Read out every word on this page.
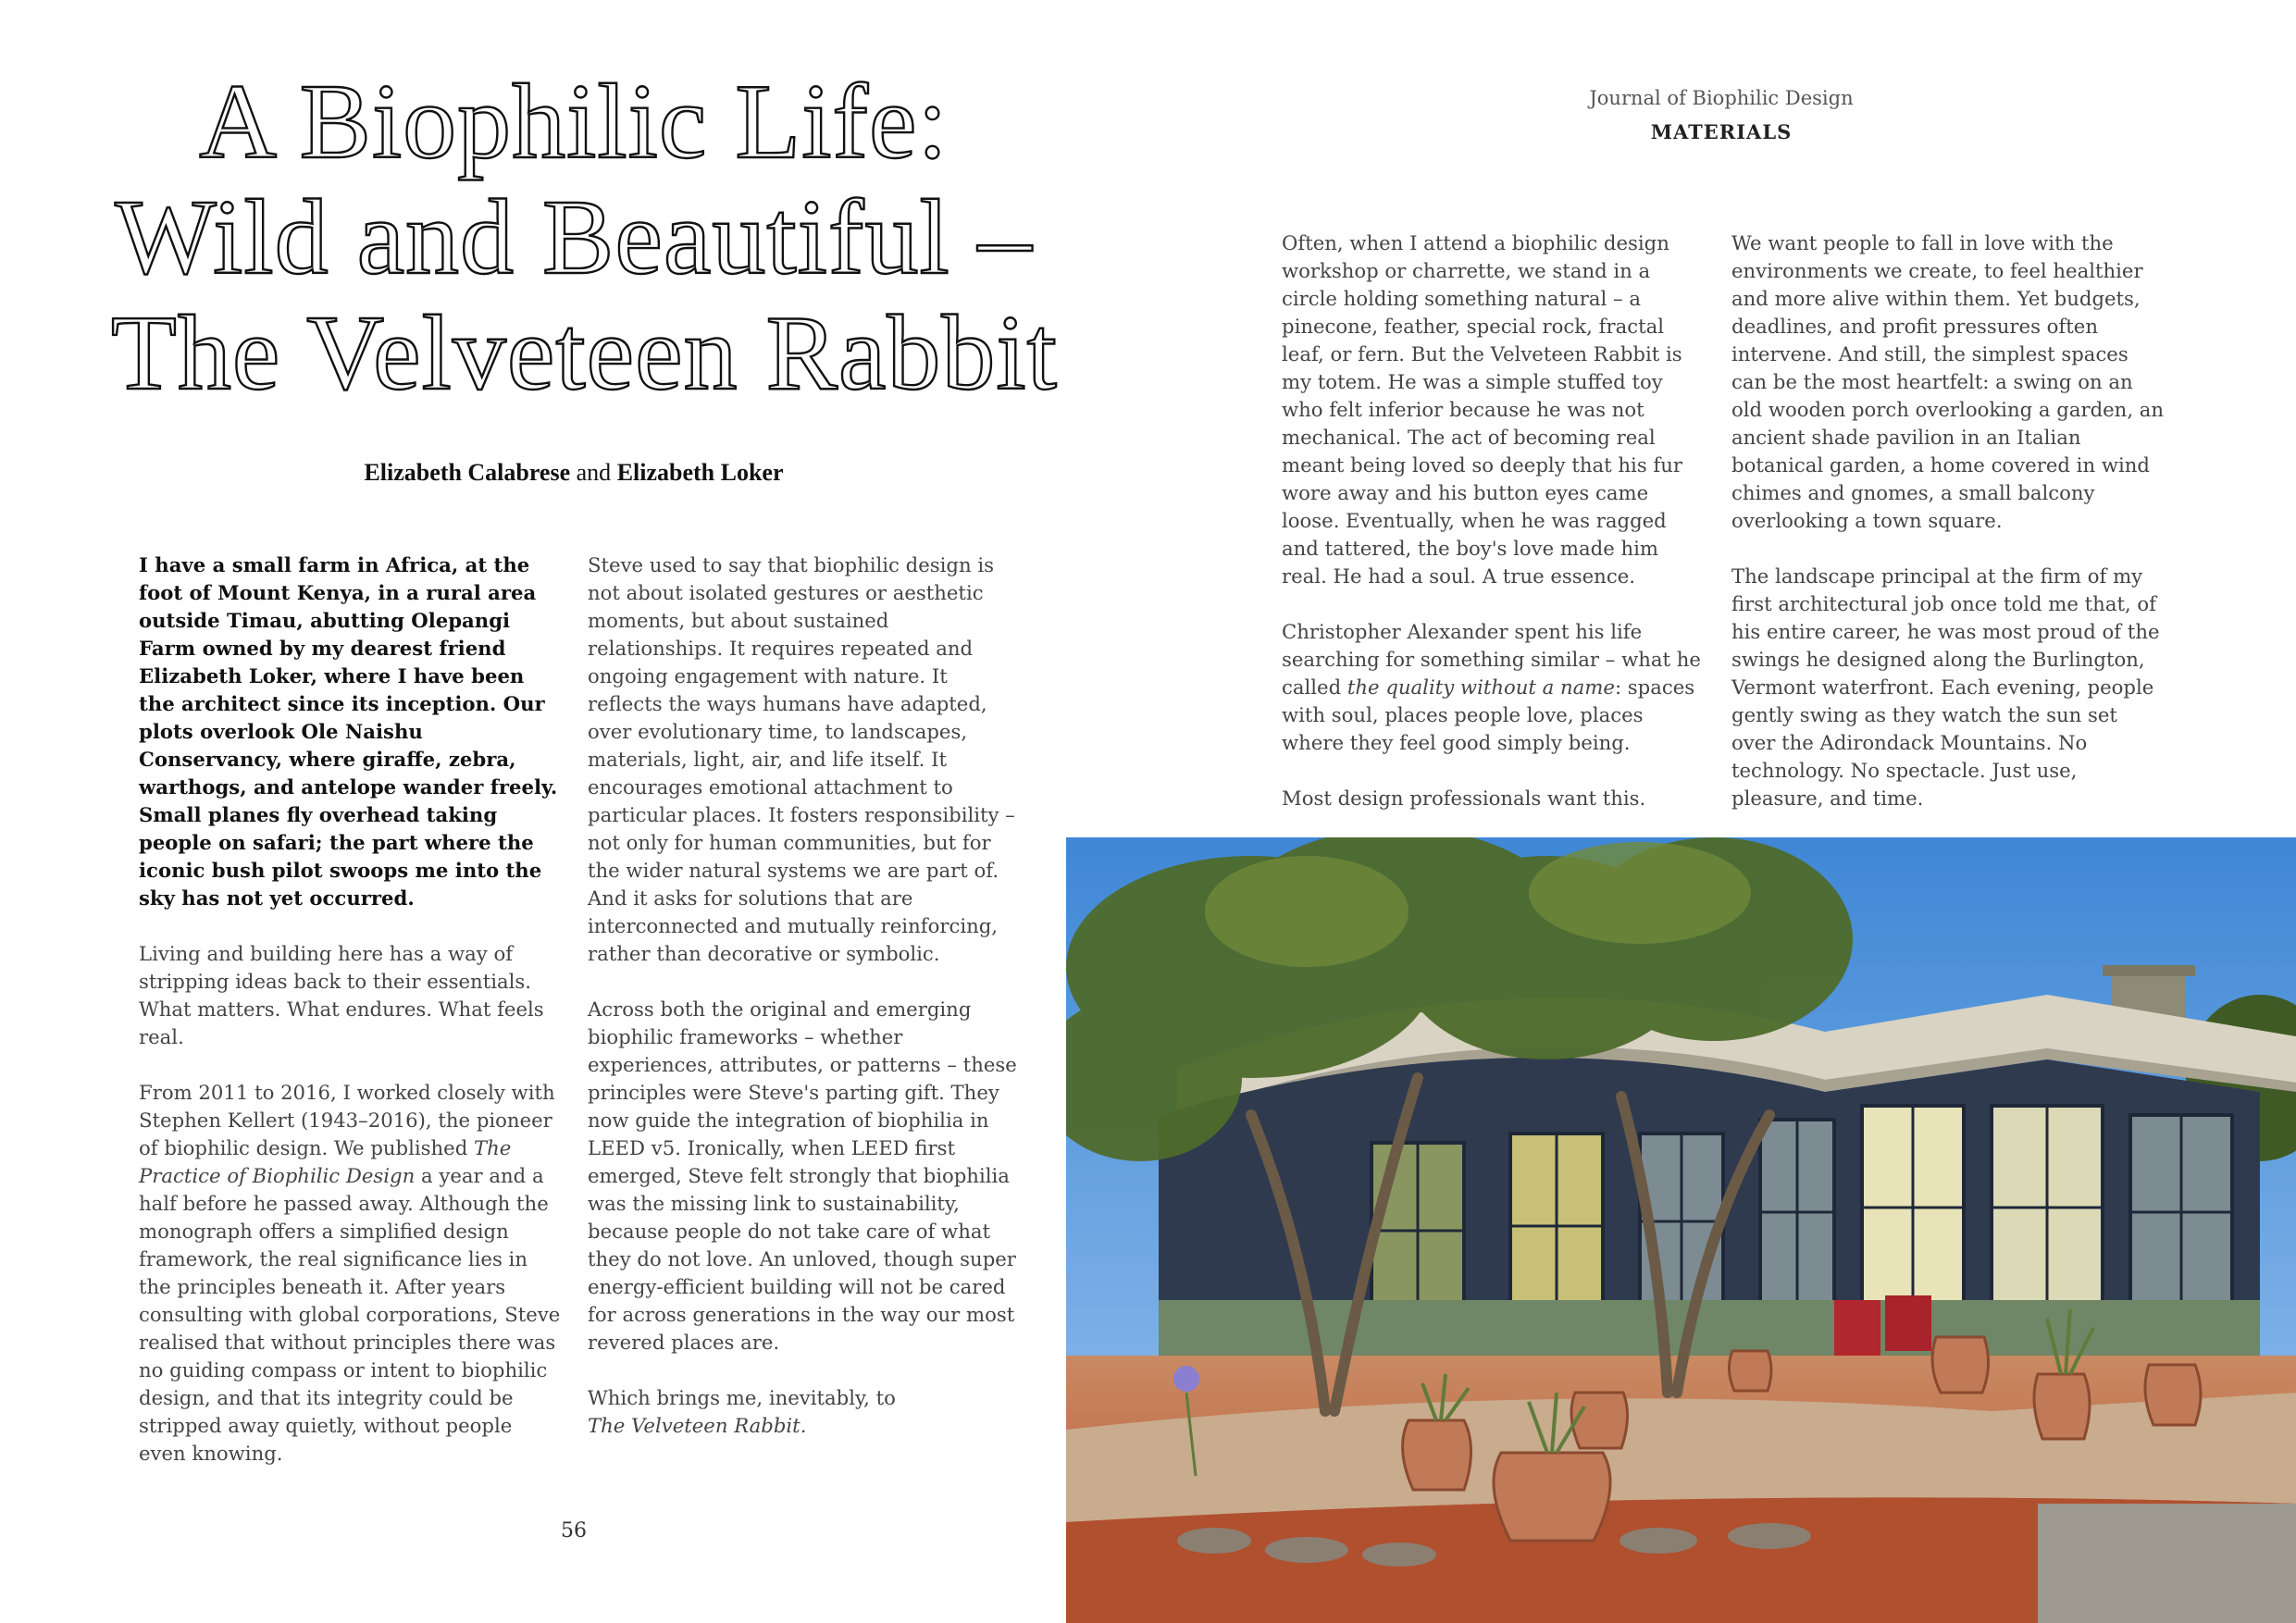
A Biophilic Life:
Wild and Beautiful –
The Velveteen Rabbit
Elizabeth Calabrese and Elizabeth Loker

I have a small farm in Africa, at the foot of Mount Kenya, in a rural area outside Timau, abutting Olepangi Farm owned by my dearest friend Elizabeth Loker, where I have been the architect since its inception. Our plots overlook Ole Naishu Conservancy, where giraffe, zebra, warthogs, and antelope wander freely. Small planes fly overhead taking people on safari; the part where the iconic bush pilot swoops me into the sky has not yet occurred.

Living and building here has a way of stripping ideas back to their essentials. What matters. What endures. What feels real.

From 2011 to 2016, I worked closely with Stephen Kellert (1943–2016), the pioneer of biophilic design. We published The Practice of Biophilic Design a year and a half before he passed away. Although the monograph offers a simplified design framework, the real significance lies in the principles beneath it. After years consulting with global corporations, Steve realised that without principles there was no guiding compass or intent to biophilic design, and that its integrity could be stripped away quietly, without people even knowing.

Steve used to say that biophilic design is not about isolated gestures or aesthetic moments, but about sustained relationships. It requires repeated and ongoing engagement with nature. It reflects the ways humans have adapted, over evolutionary time, to landscapes, materials, light, air, and life itself. It encourages emotional attachment to particular places. It fosters responsibility – not only for human communities, but for the wider natural systems we are part of. And it asks for solutions that are interconnected and mutually reinforcing, rather than decorative or symbolic.

Across both the original and emerging biophilic frameworks – whether experiences, attributes, or patterns – these principles were Steve's parting gift. They now guide the integration of biophilia in LEED v5. Ironically, when LEED first emerged, Steve felt strongly that biophilia was the missing link to sustainability, because people do not take care of what they do not love. An unloved, though super energy-efficient building will not be cared for across generations in the way our most revered places are.

Which brings me, inevitably, to
The Velveteen Rabbit.

56
Journal of Biophilic Design
MATERIALS

Often, when I attend a biophilic design workshop or charrette, we stand in a circle holding something natural – a pinecone, feather, special rock, fractal leaf, or fern. But the Velveteen Rabbit is my totem. He was a simple stuffed toy who felt inferior because he was not mechanical. The act of becoming real meant being loved so deeply that his fur wore away and his button eyes came loose. Eventually, when he was ragged and tattered, the boy's love made him real. He had a soul. A true essence.

Christopher Alexander spent his life searching for something similar – what he called the quality without a name: spaces with soul, places people love, places where they feel good simply being.

Most design professionals want this.

We want people to fall in love with the environments we create, to feel healthier and more alive within them. Yet budgets, deadlines, and profit pressures often intervene. And still, the simplest spaces can be the most heartfelt: a swing on an old wooden porch overlooking a garden, an ancient shade pavilion in an Italian botanical garden, a home covered in wind chimes and gnomes, a small balcony overlooking a town square.

The landscape principal at the firm of my first architectural job once told me that, of his entire career, he was most proud of the swings he designed along the Burlington, Vermont waterfront. Each evening, people gently swing as they watch the sun set over the Adirondack Mountains. No technology. No spectacle. Just use, pleasure, and time.
